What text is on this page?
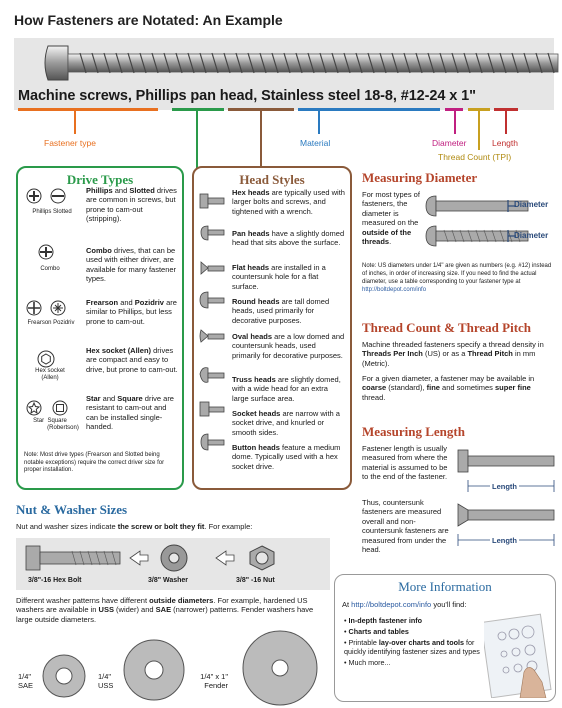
How Fasteners are Notated: An Example
Machine screws, Phillips pan head, Stainless steel 18-8, #12-24 x 1"
Fastener type	Material	Diameter	Length
Thread Count (TPI)
Drive Types
Phillips Slotted
Combo
Frearson Pozidriv
Hex socket
(Allen)
Star Square
(Robertson)
Phillips and Slotted drives are common in screws, but prone to cam-out (stripping).
Combo drives, that can be used with either driver, are available for many fastener types.
Frearson and Pozidriv are similar to Phillips, but less prone to cam-out.
Hex socket (Allen) drives are compact and easy to drive, but prone to cam-out.
Star and Square drive are resistant to cam-out and can be installed single-handed.
Note: Most drive types (Frearson and Slotted being notable exceptions) require the correct driver size for proper installation.
Head Styles
Hex heads are typically used with larger bolts and screws, and tightened with a wrench.
Pan heads have a slightly domed head that sits above the surface.
Flat heads are installed in a countersunk hole for a flat surface.
Round heads are tall domed heads, used primarily for decorative purposes.
Oval heads are a low domed and countersunk heads, used primarily for decorative purposes.
Truss heads are slightly domed, with a wide head for an extra large surface area.
Socket heads are narrow with a socket drive, and knurled or smooth sides.
Button heads feature a medium dome. Typically used with a hex socket drive.
Measuring Diameter
For most types of fasteners, the diameter is measured on the outside of the threads.
Diameter
Diameter
Note: US diameters under 1/4" are given as numbers (e.g. #12) instead of inches, in order of increasing size. If you need to find the actual diameter, use a table corresponding to your fastener type at http://boltdepot.com/info
Thread Count & Thread Pitch
Machine threaded fasteners specify a thread density in Threads Per Inch (US) or as a Thread Pitch in mm (Metric).
For a given diameter, a fastener may be available in coarse (standard), fine and sometimes super fine thread.
Measuring Length
Fastener length is usually measured from where the material is assumed to be to the end of the fastener.
Thus, countersunk fasteners are measured overall and non-countersunk fasteners are measured from under the head.
Length
Length
Nut & Washer Sizes
Nut and washer sizes indicate the screw or bolt they fit. For example:
3/8"-16 Hex Bolt	3/8" Washer	3/8" -16 Nut
Different washer patterns have different outside diameters. For example, hardened US washers are available in USS (wider) and SAE (narrower) patterns. Fender washers have large outside diameters.
1/4"
SAE
1/4"
USS
1/4" x 1"
Fender
More Information
At http://boltdepot.com/info you'll find:
• In-depth fastener info
• Charts and tables
• Printable lay-over charts and tools for quickly identifying fastener sizes and types
• Much more...
